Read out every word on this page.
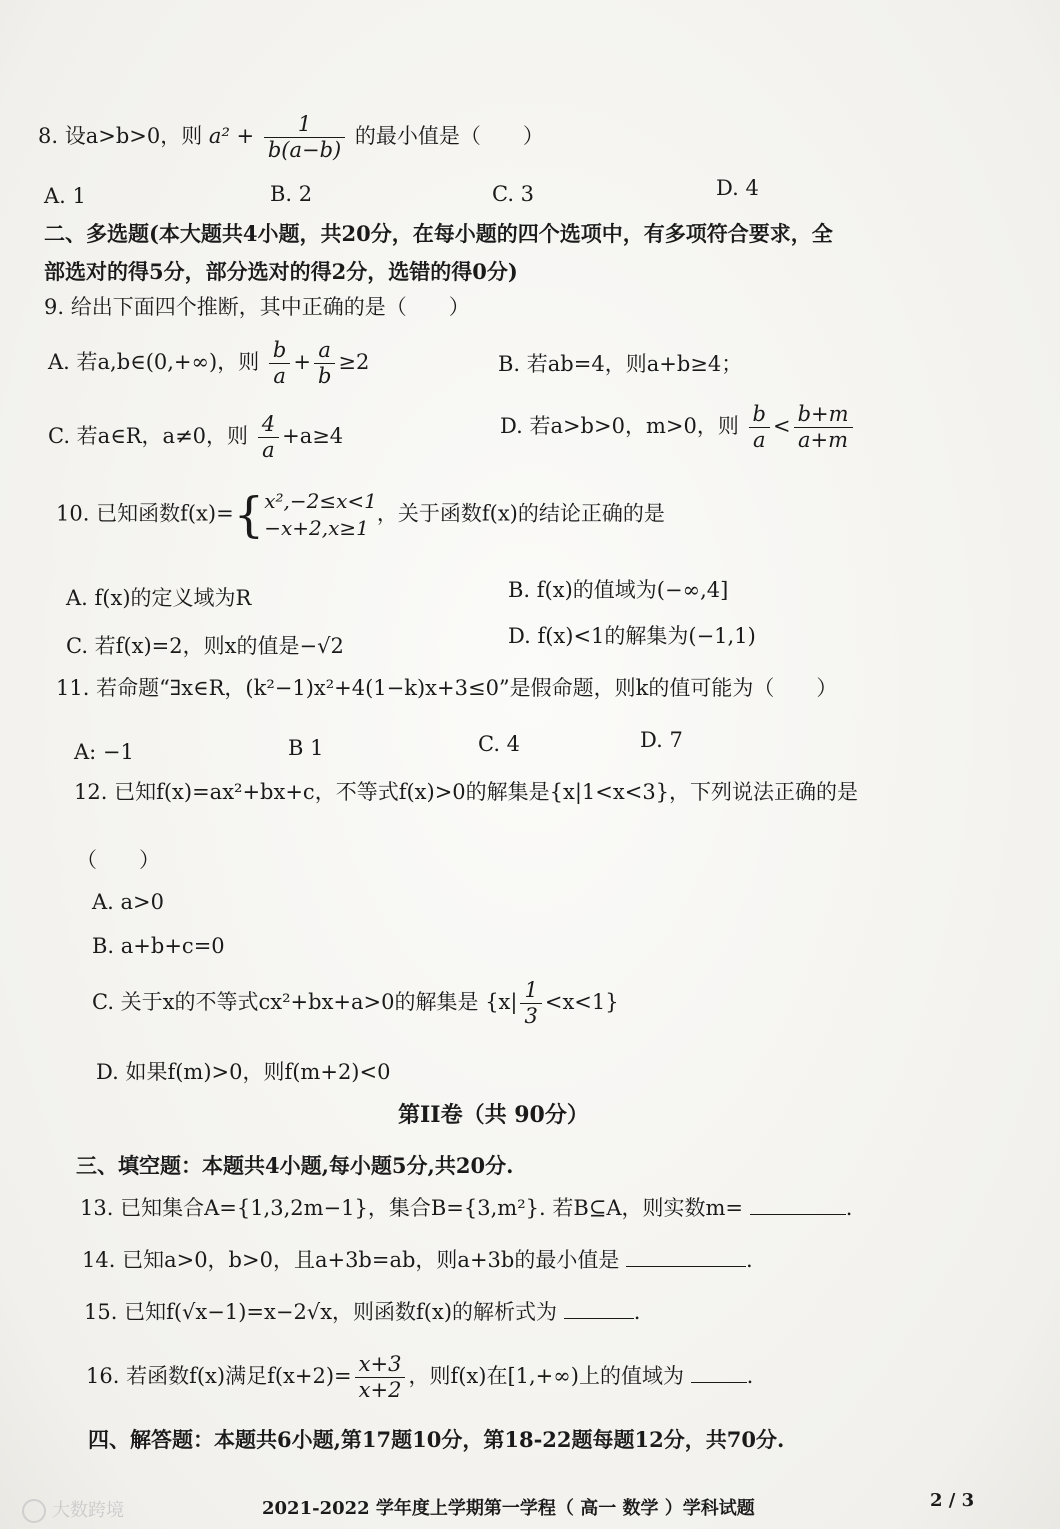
8. 设a>b>0，则 $a^2 + \frac{1}{b(a-b)}$ 的最小值是（　　）
A. 1	B. 2	C. 3	D. 4
二、多选题(本大题共4小题，共20分，在每小题的四个选项中，有多项符合要求，全
部选对的得5分，部分选对的得2分，选错的得0分)
9. 给出下面四个推断，其中正确的是（　　）
A. 若a,b∈(0,+∞)，则 $\frac{b}{a} + \frac{a}{b} \ge 2$	B. 若ab=4，则a+b≥4；
C. 若a∈R，a≠0，则 $\frac{4}{a} +a\ge 4$	D. 若a>b>0，m>0，则 $\frac{b}{a} < \frac{b+m}{a+m}$
10. 已知函数f(x)={ x²,−2≤x<1
−x+2,x≥1
，关于函数f(x)的结论正确的是
A. f(x)的定义域为R	B. f(x)的值域为(−∞,4]
C. 若f(x)=2，则x的值是−√2	D. f(x)<1的解集为(−1,1)
11. 若命题“∃x∈R，(k²−1)x²+4(1−k)x+3≤0”是假命题，则k的值可能为（　　）
A: −1	B 1	C. 4	D. 7
12. 已知f(x)=ax²+bx+c，不等式f(x)>0的解集是{x|1<x<3}，下列说法正确的是
（　　）
A. a>0
B. a+b+c=0
C. 关于x的不等式cx²+bx+a>0的解集是 $\{x| \frac{1}{3} <x<1\}$
D. 如果f(m)>0，则f(m+2)<0
第II卷（共 90分）
三、填空题：本题共4小题,每小题5分,共20分.
13. 已知集合A={1,3,2m−1}，集合B={3,m²}. 若B⊆A，则实数m=	.
14. 已知a>0，b>0，且a+3b=ab，则a+3b的最小值是	.
15. 已知f(√x−1)=x−2√x，则函数f(x)的解析式为	.
16. 若函数f(x)满足$f(x+2)= \frac{x+3}{x+2}$ ，则f(x)在[1,+∞)上的值域为	.
四、解答题：本题共6小题,第17题10分，第18-22题每题12分，共70分.
2021-2022 学年度上学期第一学程（ 高一 数学 ）学科试题	2 / 3
大数跨境
